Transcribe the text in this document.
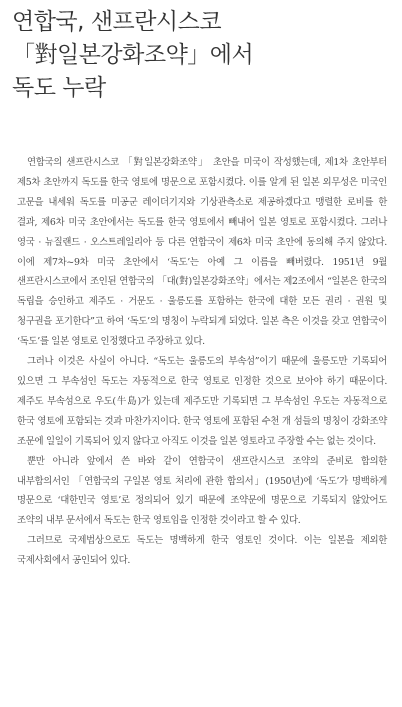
연합국, 샌프란시스코
「對일본강화조약」에서
독도 누락

연합국의 샌프란시스코 「對일본강화조약」 초안을 미국이 작성했는데, 제1차 초안부터 제5차 초안까지 독도를 한국 영토에 명문으로 포함시켰다. 이를 알게 된 일본 외무성은 미국인 고문을 내세워 독도를 미공군 레이더기지와 기상관측소로 제공하겠다고 맹렬한 로비를 한 결과, 제6차 미국 초안에서는 독도를 한국 영토에서 빼내어 일본 영토로 포함시켰다. 그러나 영국 · 뉴질랜드 · 오스트레일리아 등 다른 연합국이 제6차 미국 초안에 동의해 주지 않았다. 이에 제7차~9차 미국 초안에서 ‘독도’는 아예 그 이름을 빼버렸다. 1951년 9월 샌프란시스코에서 조인된 연합국의 「대(對)일본강화조약」에서는 제2조에서 “일본은 한국의 독립을 승인하고 제주도 · 거문도 · 울릉도를 포함하는 한국에 대한 모든 권리 · 권원 및 청구권을 포기한다”고 하여 ‘독도’의 명칭이 누락되게 되었다. 일본 측은 이것을 갖고 연합국이 ‘독도’를 일본 영토로 인정했다고 주장하고 있다.

그러나 이것은 사실이 아니다. “독도는 울릉도의 부속섬”이기 때문에 울릉도만 기록되어 있으면 그 부속섬인 독도는 자동적으로 한국 영토로 인정한 것으로 보아야 하기 때문이다. 제주도 부속섬으로 우도(牛島)가 있는데 제주도만 기록되면 그 부속섬인 우도는 자동적으로 한국 영토에 포함되는 것과 마찬가지이다. 한국 영토에 포함된 수천 개 섬들의 명칭이 강화조약 조문에 일일이 기록되어 있지 않다고 아직도 이것을 일본 영토라고 주장할 수는 없는 것이다.

뿐만 아니라 앞에서 쓴 바와 같이 연합국이 샌프란시스코 조약의 준비로 합의한 내부합의서인 「연합국의 구일본 영토 처리에 관한 합의서」(1950년)에 ‘독도’가 명백하게 명문으로 ‘대한민국 영토’로 정의되어 있기 때문에 조약문에 명문으로 기록되지 않았어도 조약의 내부 문서에서 독도는 한국 영토임을 인정한 것이라고 할 수 있다.

그러므로 국제법상으로도 독도는 명백하게 한국 영토인 것이다. 이는 일본을 제외한 국제사회에서 공인되어 있다.
